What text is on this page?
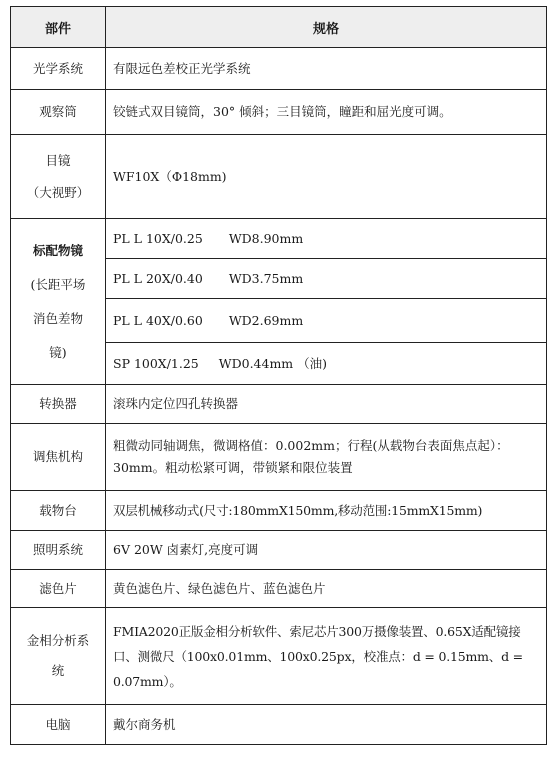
部件	规格

光学系统	有限远色差校正光学系统

观察筒	铰链式双目镜筒，30° 倾斜；三目镜筒，瞳距和屈光度可调。

目镜
（大视野）	WF10X（Φ18mm)

标配物镜
(长距平场
消色差物
镜)	PL L 10X/0.25 WD8.90mm
	PL L 20X/0.40 WD3.75mm
	PL L 40X/0.60 WD2.69mm
	SP 100X/1.25 WD0.44mm （油)

转换器	滚珠内定位四孔转换器

调焦机构	粗微动同轴调焦，微调格值：0.002mm；行程(从载物台表面焦点起）：30mm。粗动松紧可调，带锁紧和限位装置

载物台	双层机械移动式(尺寸:180mmX150mm,移动范围:15mmX15mm)

照明系统	6V 20W 卤素灯,亮度可调

滤色片	黄色滤色片、绿色滤色片、蓝色滤色片

金相分析系
统	FMIA2020正版金相分析软件、索尼芯片300万摄像装置、0.65X适配镜接口、测微尺（100x0.01mm、100x0.25px，校准点：d = 0.15mm、d = 0.07mm）。

电脑	戴尔商务机
